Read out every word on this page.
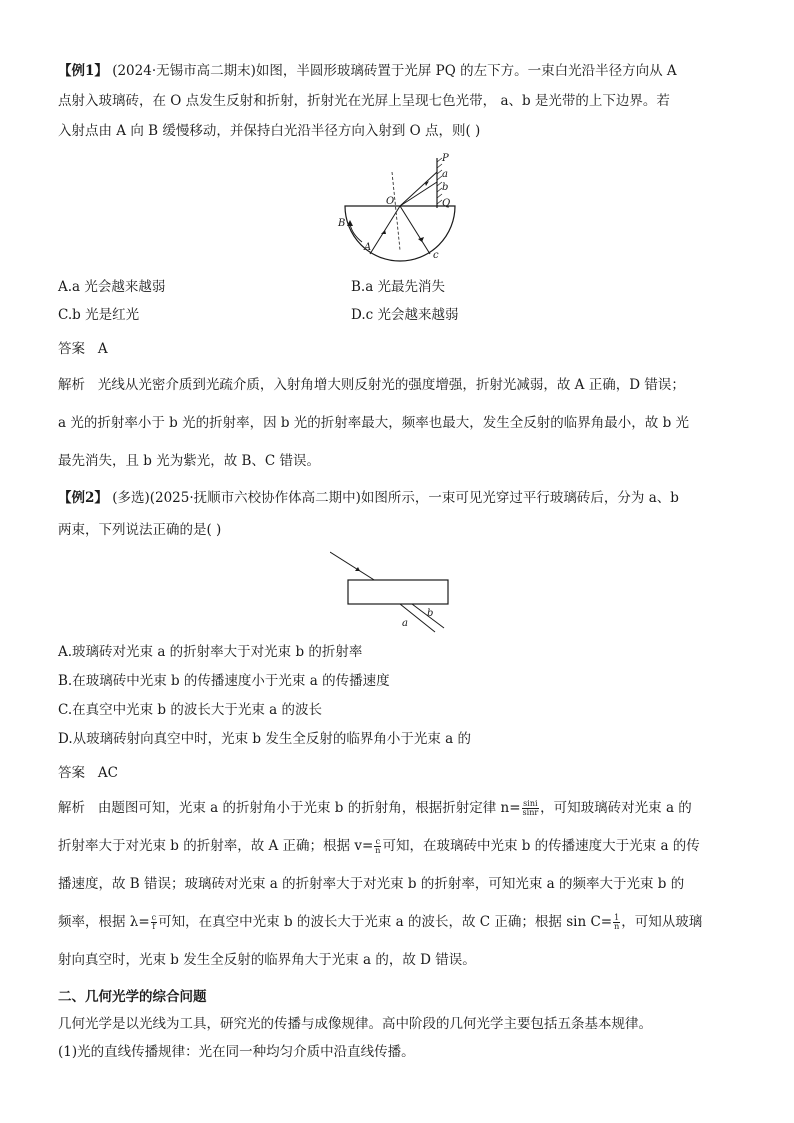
【例1】 (2024·无锡市高二期末)如图，半圆形玻璃砖置于光屏 PQ 的左下方。一束白光沿半径方向从 A
点射入玻璃砖，在 O 点发生反射和折射，折射光在光屏上呈现七色光带， a、b 是光带的上下边界。若
入射点由 A 向 B 缓慢移动，并保持白光沿半径方向入射到 O 点，则( )
P
a
b
Q
O
B
A
c
A.a 光会越来越弱	B.a 光最先消失
C.b 光是红光	D.c 光会越来越弱
答案 A
解析 光线从光密介质到光疏介质，入射角增大则反射光的强度增强，折射光减弱，故 A 正确，D 错误；
a 光的折射率小于 b 光的折射率，因 b 光的折射率最大，频率也最大，发生全反射的临界角最小，故 b 光
最先消失，且 b 光为紫光，故 B、C 错误。
【例2】 (多选)(2025·抚顺市六校协作体高二期中)如图所示，一束可见光穿过平行玻璃砖后，分为 a、b
两束，下列说法正确的是( )
a
b
A.玻璃砖对光束 a 的折射率大于对光束 b 的折射率
B.在玻璃砖中光束 b 的传播速度小于光束 a 的传播速度
C.在真空中光束 b 的波长大于光束 a 的波长
D.从玻璃砖射向真空中时，光束 b 发生全反射的临界角小于光束 a 的
答案 AC
解析 由题图可知，光束 a 的折射角小于光束 b 的折射角，根据折射定律 $n= \frac{\sin i}{\sin r}$ ，可知玻璃砖对光束 a 的
折射率大于对光束 b 的折射率，故 A 正确；根据 $v= \frac{c}{n}$ 可知，在玻璃砖中光束 b 的传播速度大于光束 a 的传
播速度，故 B 错误；玻璃砖对光束 a 的折射率大于对光束 b 的折射率，可知光束 a 的频率大于光束 b 的
频率，根据 $\lambda= \frac{c}{f}$ 可知，在真空中光束 b 的波长大于光束 a 的波长，故 C 正确；根据 $\sin C= \frac{1}{n}$ ，可知从玻璃
射向真空时，光束 b 发生全反射的临界角大于光束 a 的，故 D 错误。
二、几何光学的综合问题
几何光学是以光线为工具，研究光的传播与成像规律。高中阶段的几何光学主要包括五条基本规律。
(1)光的直线传播规律：光在同一种均匀介质中沿直线传播。
